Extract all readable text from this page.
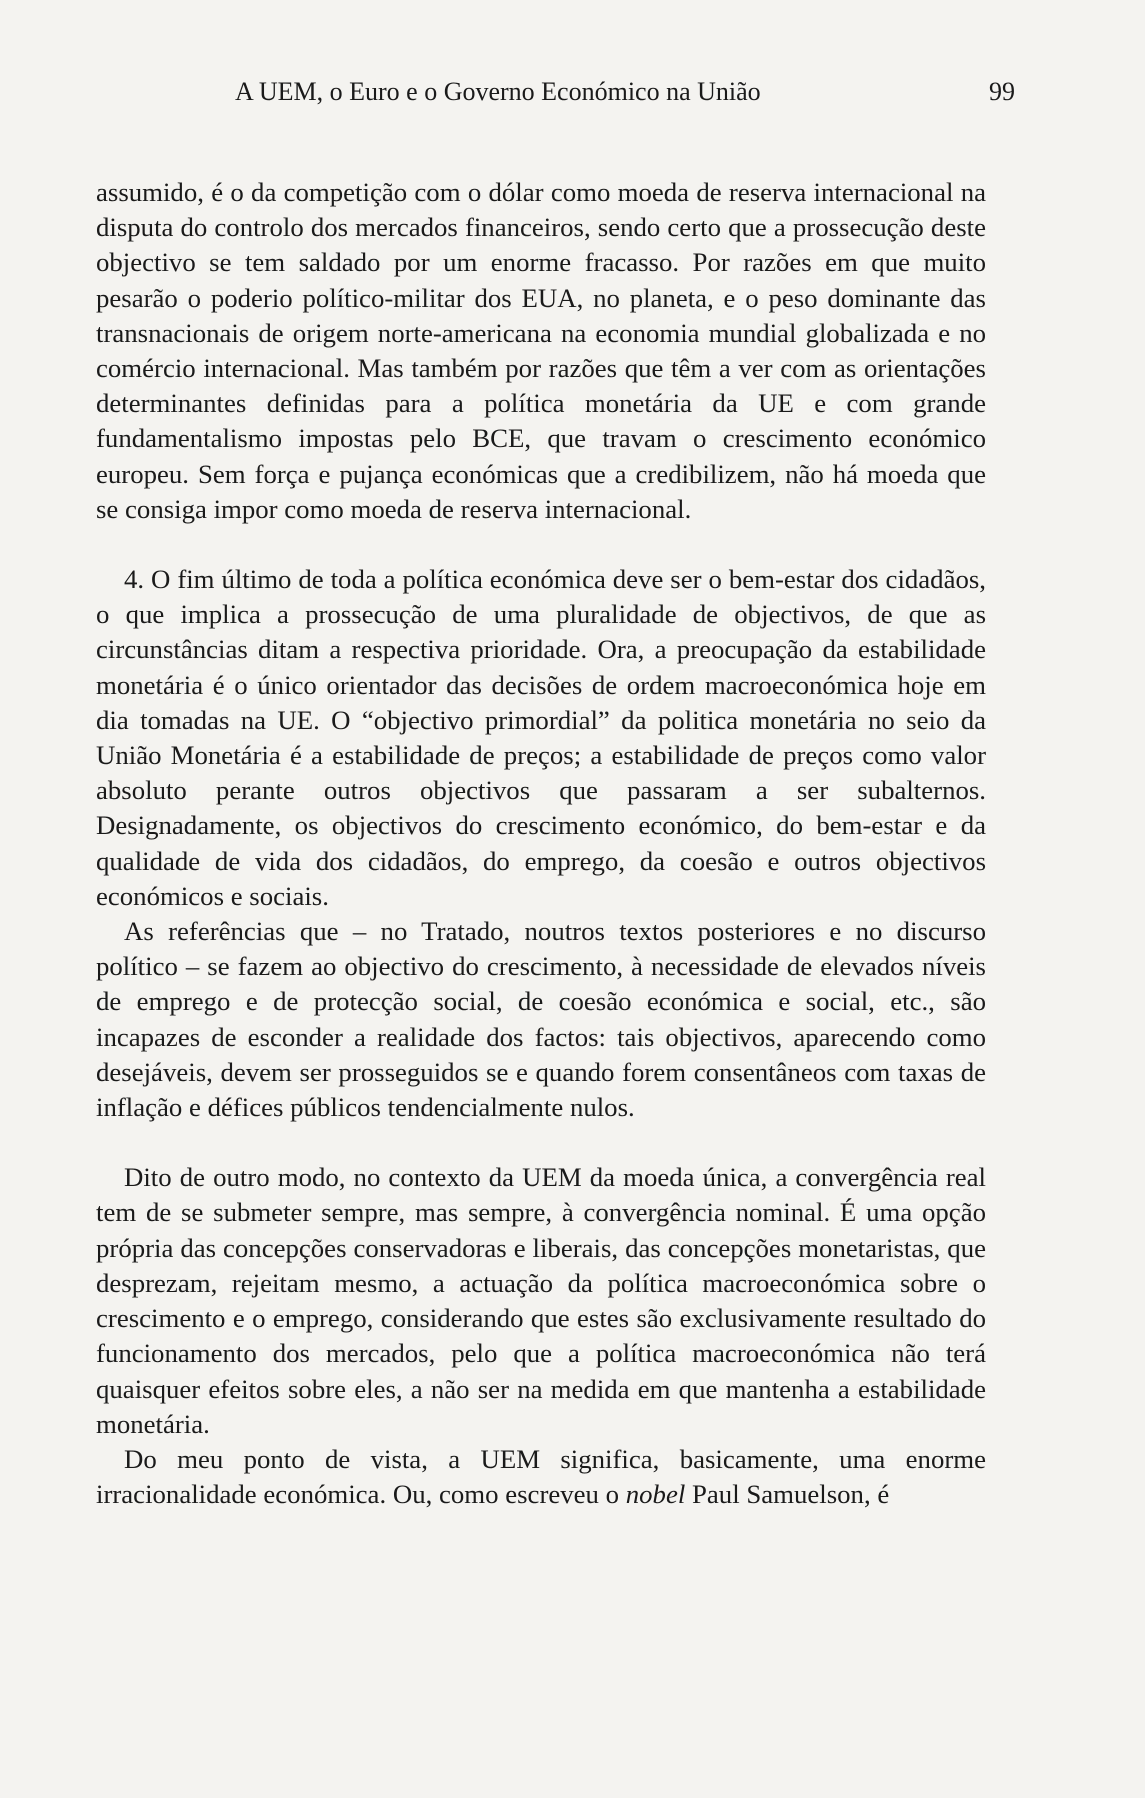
A UEM, o Euro e o Governo Económico na União	99

assumido, é o da competição com o dólar como moeda de reserva internacional na disputa do controlo dos mercados financeiros, sendo certo que a prossecução deste objectivo se tem saldado por um enorme fracasso. Por razões em que muito pesarão o poderio político-militar dos EUA, no planeta, e o peso dominante das transnacionais de origem norte-americana na economia mundial globalizada e no comércio internacional. Mas também por razões que têm a ver com as orientações determinantes definidas para a política monetária da UE e com grande fundamentalismo impostas pelo BCE, que travam o crescimento económico europeu. Sem força e pujança económicas que a credibilizem, não há moeda que se consiga impor como moeda de reserva internacional.

4. O fim último de toda a política económica deve ser o bem-estar dos cidadãos, o que implica a prossecução de uma pluralidade de objectivos, de que as circunstâncias ditam a respectiva prioridade. Ora, a preocupação da estabilidade monetária é o único orientador das decisões de ordem macroeconómica hoje em dia tomadas na UE. O “objectivo primordial” da politica monetária no seio da União Monetária é a estabilidade de preços; a estabilidade de preços como valor absoluto perante outros objectivos que passaram a ser subalternos. Designadamente, os objectivos do crescimento económico, do bem-estar e da qualidade de vida dos cidadãos, do emprego, da coesão e outros objectivos económicos e sociais.

As referências que – no Tratado, noutros textos posteriores e no discurso político – se fazem ao objectivo do crescimento, à necessidade de elevados níveis de emprego e de protecção social, de coesão económica e social, etc., são incapazes de esconder a realidade dos factos: tais objectivos, aparecendo como desejáveis, devem ser prosseguidos se e quando forem consentâneos com taxas de inflação e défices públicos tendencialmente nulos.

Dito de outro modo, no contexto da UEM da moeda única, a convergência real tem de se submeter sempre, mas sempre, à convergência nominal. É uma opção própria das concepções conservadoras e liberais, das concepções monetaristas, que desprezam, rejeitam mesmo, a actuação da política macroeconómica sobre o crescimento e o emprego, considerando que estes são exclusivamente resultado do funcionamento dos mercados, pelo que a política macroeconómica não terá quaisquer efeitos sobre eles, a não ser na medida em que mantenha a estabilidade monetária.

Do meu ponto de vista, a UEM significa, basicamente, uma enorme irracionalidade económica. Ou, como escreveu o nobel Paul Samuelson, é
